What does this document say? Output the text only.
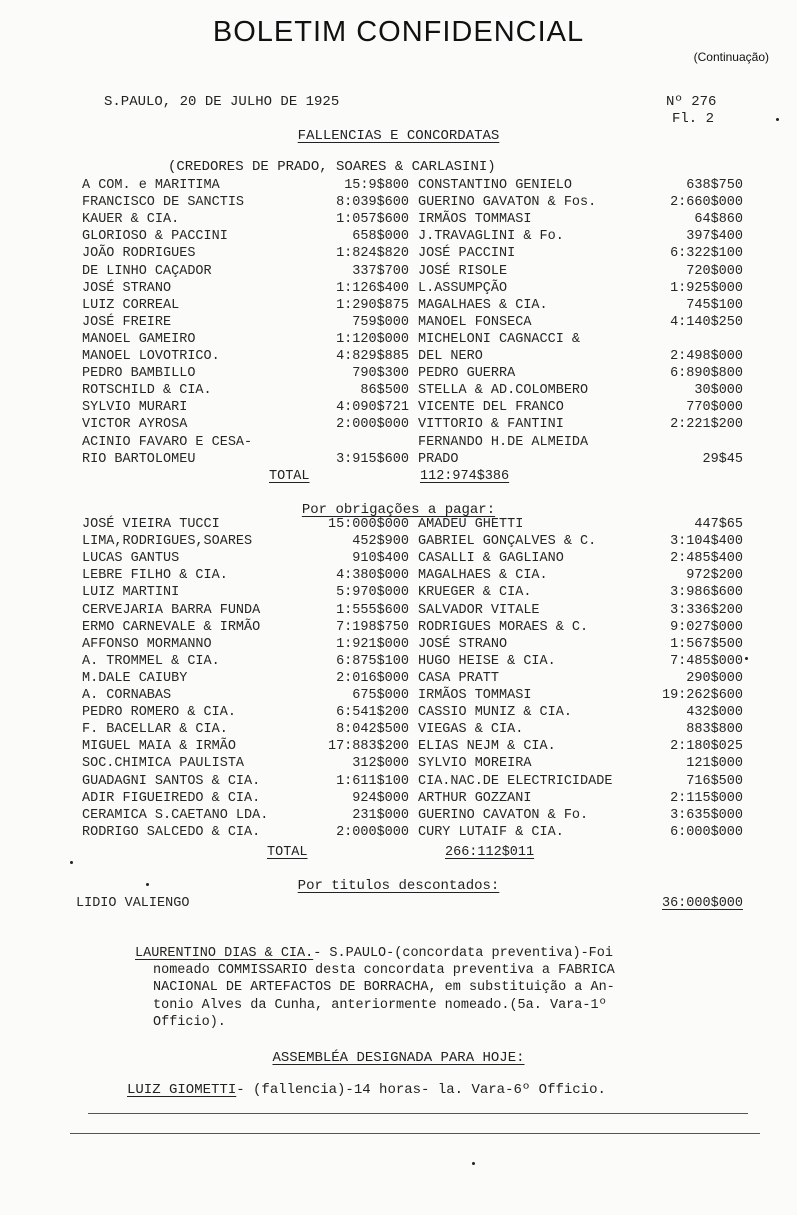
BOLETIM CONFIDENCIAL
(Continuação)
S.PAULO, 20 DE JULHO DE 1925	Nº 276
Fl. 2
FALLENCIAS E CONCORDATAS
(CREDORES DE PRADO, SOARES & CARLASINI)
A COM. e MARITIMA	15:9$800 CONSTANTINO GENIELO	638$750
FRANCISCO DE SANCTIS	8:039$600 GUERINO GAVATON & Fos.	2:660$000
KAUER & CIA.	1:057$600 IRMÃOS TOMMASI	64$860
GLORIOSO & PACCINI	658$000 J.TRAVAGLINI & Fo.	397$400
JOÃO RODRIGUES	1:824$820 JOSÉ PACCINI	6:322$100
DE LINHO CAÇADOR	337$700 JOSÉ RISOLE	720$000
JOSÉ STRANO	1:126$400 L.ASSUMPÇÃO	1:925$000
LUIZ CORREAL	1:290$875 MAGALHAES & CIA.	745$100
JOSÉ FREIRE	759$000 MANOEL FONSECA	4:140$250
MANOEL GAMEIRO	1:120$000 MICHELONI CAGNACCI &
MANOEL LOVOTRICO.	4:829$885 DEL NERO	2:498$000
PEDRO BAMBILLO	790$300 PEDRO GUERRA	6:890$800
ROTSCHILD & CIA.	86$500 STELLA & AD.COLOMBERO	30$000
SYLVIO MURARI	4:090$721 VICENTE DEL FRANCO	770$000
VICTOR AYROSA	2:000$000 VITTORIO & FANTINI	2:221$200
ACINIO FAVARO E CESA-	FERNANDO H.DE ALMEIDA
RIO BARTOLOMEU	3:915$600 PRADO	29$45
TOTAL	112:974$386
Por obrigações a pagar:
JOSÉ VIEIRA TUCCI	15:000$000 AMADEU GHETTI	447$65
LIMA,RODRIGUES,SOARES	452$900 GABRIEL GONÇALVES & C.	3:104$400
LUCAS GANTUS	910$400 CASALLI & GAGLIANO	2:485$400
LEBRE FILHO & CIA.	4:380$000 MAGALHAES & CIA.	972$200
LUIZ MARTINI	5:970$000 KRUEGER & CIA.	3:986$600
CERVEJARIA BARRA FUNDA	1:555$600 SALVADOR VITALE	3:336$200
ERMO CARNEVALE & IRMÃO	7:198$750 RODRIGUES MORAES & C.	9:027$000
AFFONSO MORMANNO	1:921$000 JOSÉ STRANO	1:567$500
A. TROMMEL & CIA.	6:875$100 HUGO HEISE & CIA.	7:485$000
M.DALE CAIUBY	2:016$000 CASA PRATT	290$000
A. CORNABAS	675$000 IRMÃOS TOMMASI	19:262$600
PEDRO ROMERO & CIA.	6:541$200 CASSIO MUNIZ & CIA.	432$000
F. BACELLAR & CIA.	8:042$500 VIEGAS & CIA.	883$800
MIGUEL MAIA & IRMÃO	17:883$200 ELIAS NEJM & CIA.	2:180$025
SOC.CHIMICA PAULISTA	312$000 SYLVIO MOREIRA	121$000
GUADAGNI SANTOS & CIA.	1:611$100 CIA.NAC.DE ELECTRICIDADE	716$500
ADIR FIGUEIREDO & CIA.	924$000 ARTHUR GOZZANI	2:115$000
CERAMICA S.CAETANO LDA.	231$000 GUERINO CAVATON & Fo.	3:635$000
RODRIGO SALCEDO & CIA.	2:000$000 CURY LUTAIF & CIA.	6:000$000
TOTAL	266:112$011
Por titulos descontados:
LIDIO VALIENGO	36:000$000
LAURENTINO DIAS & CIA.- S.PAULO-(concordata preventiva)-Foi
nomeado COMMISSARIO desta concordata preventiva a FABRICA
NACIONAL DE ARTEFACTOS DE BORRACHA, em substituição a An-
tonio Alves da Cunha, anteriormente nomeado.(5a. Vara-1º
Officio).
ASSEMBLÉA DESIGNADA PARA HOJE:
LUIZ GIOMETTI- (fallencia)-14 horas- la. Vara-6º Officio.
